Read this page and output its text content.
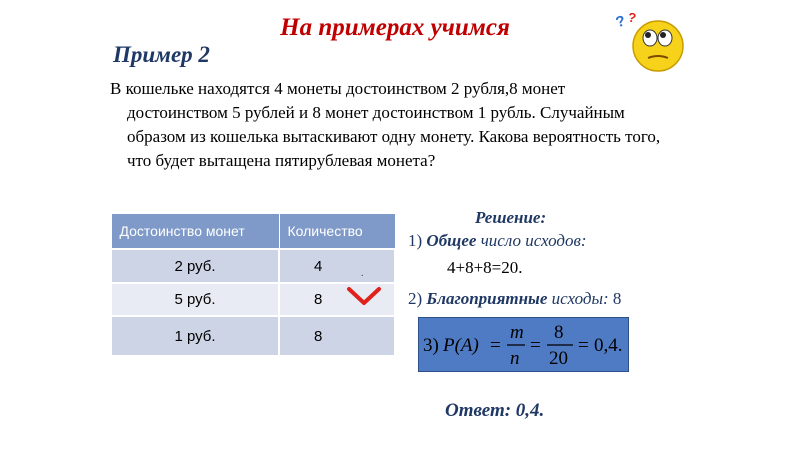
На примерах учимся	? ?
Пример 2

В кошельке находятся 4 монеты достоинством 2 рубля,8 монет достоинством 5 рублей и 8 монет достоинством 1 рубль. Случайным образом из кошелька вытаскивают одну монету. Какова вероятность того, что будет вытащена пятирублевая монета?

Достоинство монет	Количество
2 руб.	4
5 руб.	8
1 руб.	8
.
Решение:
1) Общее число исходов:
4+8+8=20.
2) Благоприятные исходы: 8
3) P(A) =
m
n
=
8
20
= 0,4.
Ответ: 0,4.
